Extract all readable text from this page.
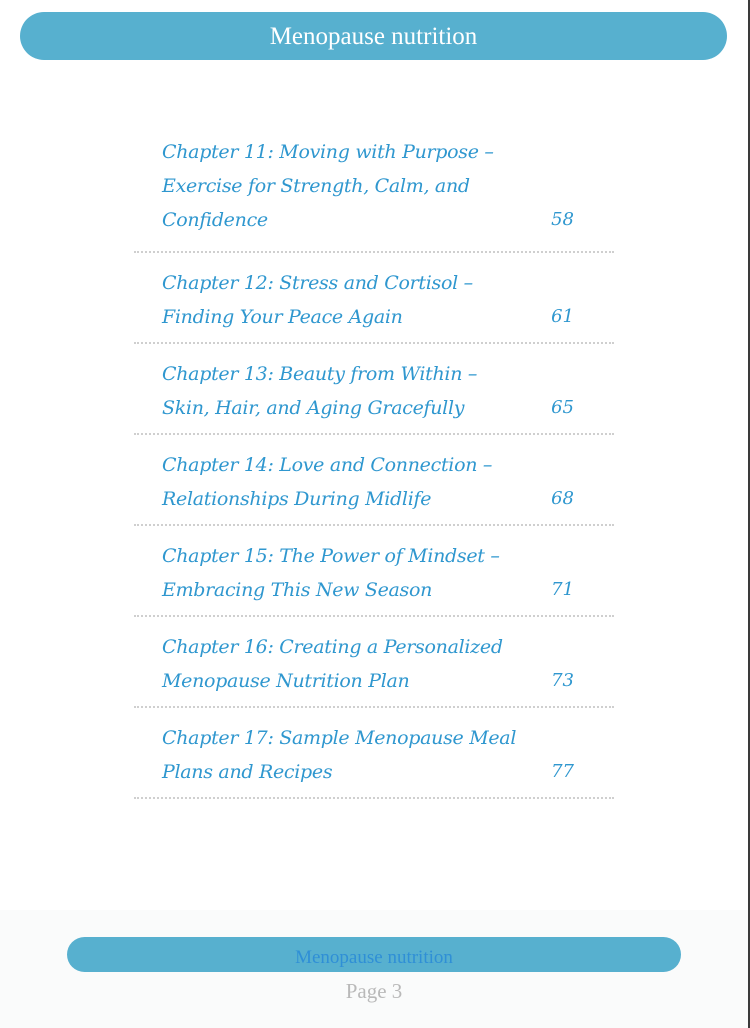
Menopause nutrition
Chapter 11: Moving with Purpose – Exercise for Strength, Calm, and Confidence	58
Chapter 12: Stress and Cortisol – Finding Your Peace Again	61
Chapter 13: Beauty from Within – Skin, Hair, and Aging Gracefully	65
Chapter 14: Love and Connection – Relationships During Midlife	68
Chapter 15: The Power of Mindset – Embracing This New Season	71
Chapter 16: Creating a Personalized Menopause Nutrition Plan	73
Chapter 17: Sample Menopause Meal Plans and Recipes	77
Menopause nutrition
Page 3
